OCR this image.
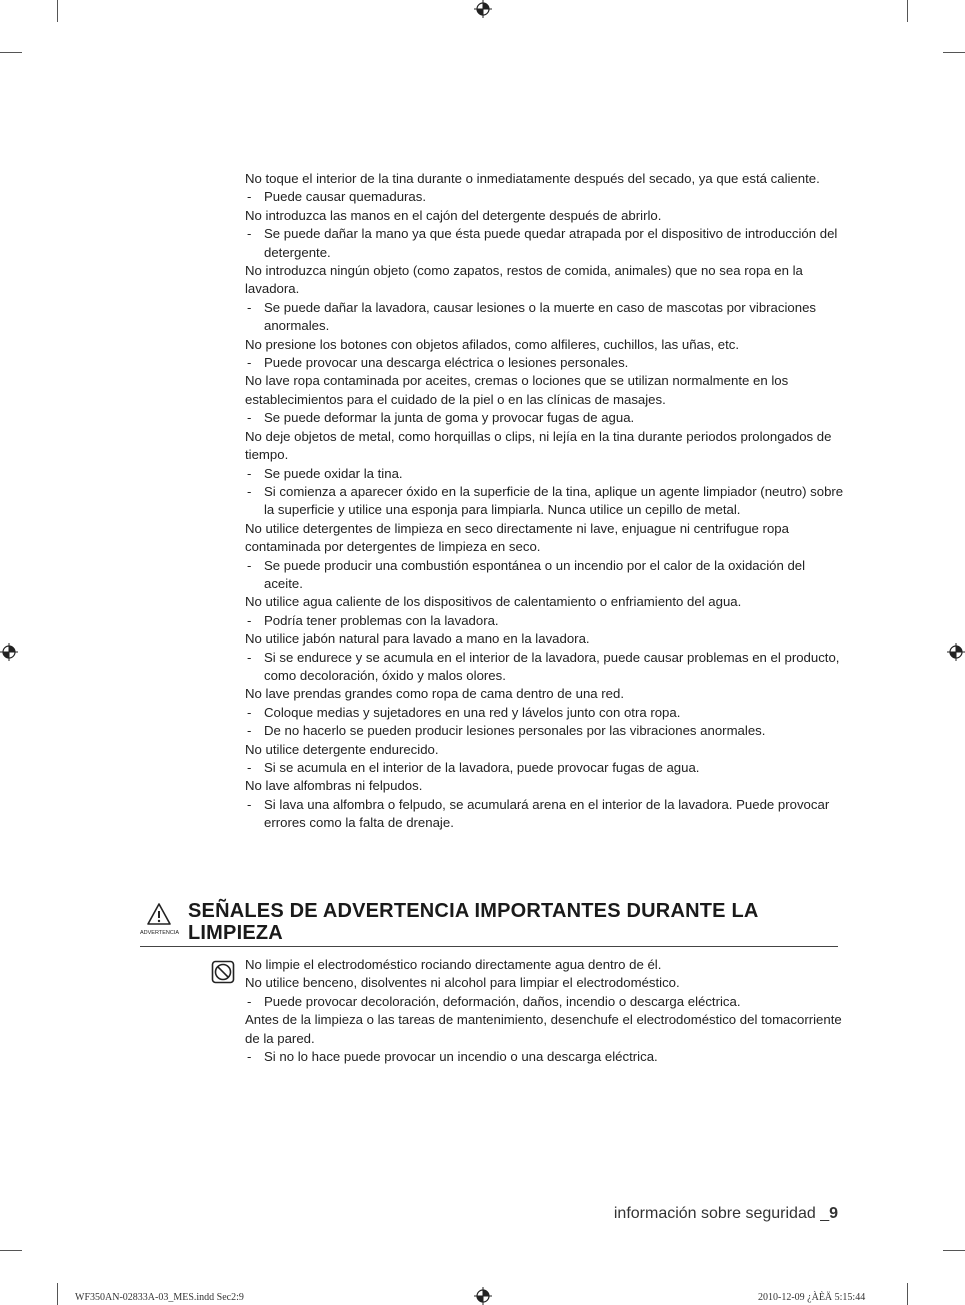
No toque el interior de la tina durante o inmediatamente después del secado, ya que está caliente.

- Puede causar quemaduras.

No introduzca las manos en el cajón del detergente después de abrirlo.

- Se puede dañar la mano ya que ésta puede quedar atrapada por el dispositivo de introducción del detergente.

No introduzca ningún objeto (como zapatos, restos de comida, animales) que no sea ropa en la lavadora.

- Se puede dañar la lavadora, causar lesiones o la muerte en caso de mascotas por vibraciones anormales.

No presione los botones con objetos afilados, como alfileres, cuchillos, las uñas, etc.

- Puede provocar una descarga eléctrica o lesiones personales.

No lave ropa contaminada por aceites, cremas o lociones que se utilizan normalmente en los establecimientos para el cuidado de la piel o en las clínicas de masajes.

- Se puede deformar la junta de goma y provocar fugas de agua.

No deje objetos de metal, como horquillas o clips, ni lejía en la tina durante periodos prolongados de tiempo.

- Se puede oxidar la tina.

- Si comienza a aparecer óxido en la superficie de la tina, aplique un agente limpiador (neutro) sobre la superficie y utilice una esponja para limpiarla. Nunca utilice un cepillo de metal.

No utilice detergentes de limpieza en seco directamente ni lave, enjuague ni centrifugue ropa contaminada por detergentes de limpieza en seco.

- Se puede producir una combustión espontánea o un incendio por el calor de la oxidación del aceite.

No utilice agua caliente de los dispositivos de calentamiento o enfriamiento del agua.

- Podría tener problemas con la lavadora.

No utilice jabón natural para lavado a mano en la lavadora.

- Si se endurece y se acumula en el interior de la lavadora, puede causar problemas en el producto, como decoloración, óxido y malos olores.

No lave prendas grandes como ropa de cama dentro de una red.

- Coloque medias y sujetadores en una red y lávelos junto con otra ropa.

- De no hacerlo se pueden producir lesiones personales por las vibraciones anormales.

No utilice detergente endurecido.

- Si se acumula en el interior de la lavadora, puede provocar fugas de agua.

No lave alfombras ni felpudos.

- Si lava una alfombra o felpudo, se acumulará arena en el interior de la lavadora. Puede provocar errores como la falta de drenaje.

ADVERTENCIA
SEÑALES DE ADVERTENCIA IMPORTANTES DURANTE LA LIMPIEZA

No limpie el electrodoméstico rociando directamente agua dentro de él.

No utilice benceno, disolventes ni alcohol para limpiar el electrodoméstico.

- Puede provocar decoloración, deformación, daños, incendio o descarga eléctrica.

Antes de la limpieza o las tareas de mantenimiento, desenchufe el electrodoméstico del tomacorriente de la pared.

- Si no lo hace puede provocar un incendio o una descarga eléctrica.

información sobre seguridad _9
WF350AN-02833A-03_MES.indd Sec2:9	2010-12-09 ¿ÀÈÄ 5:15:44
